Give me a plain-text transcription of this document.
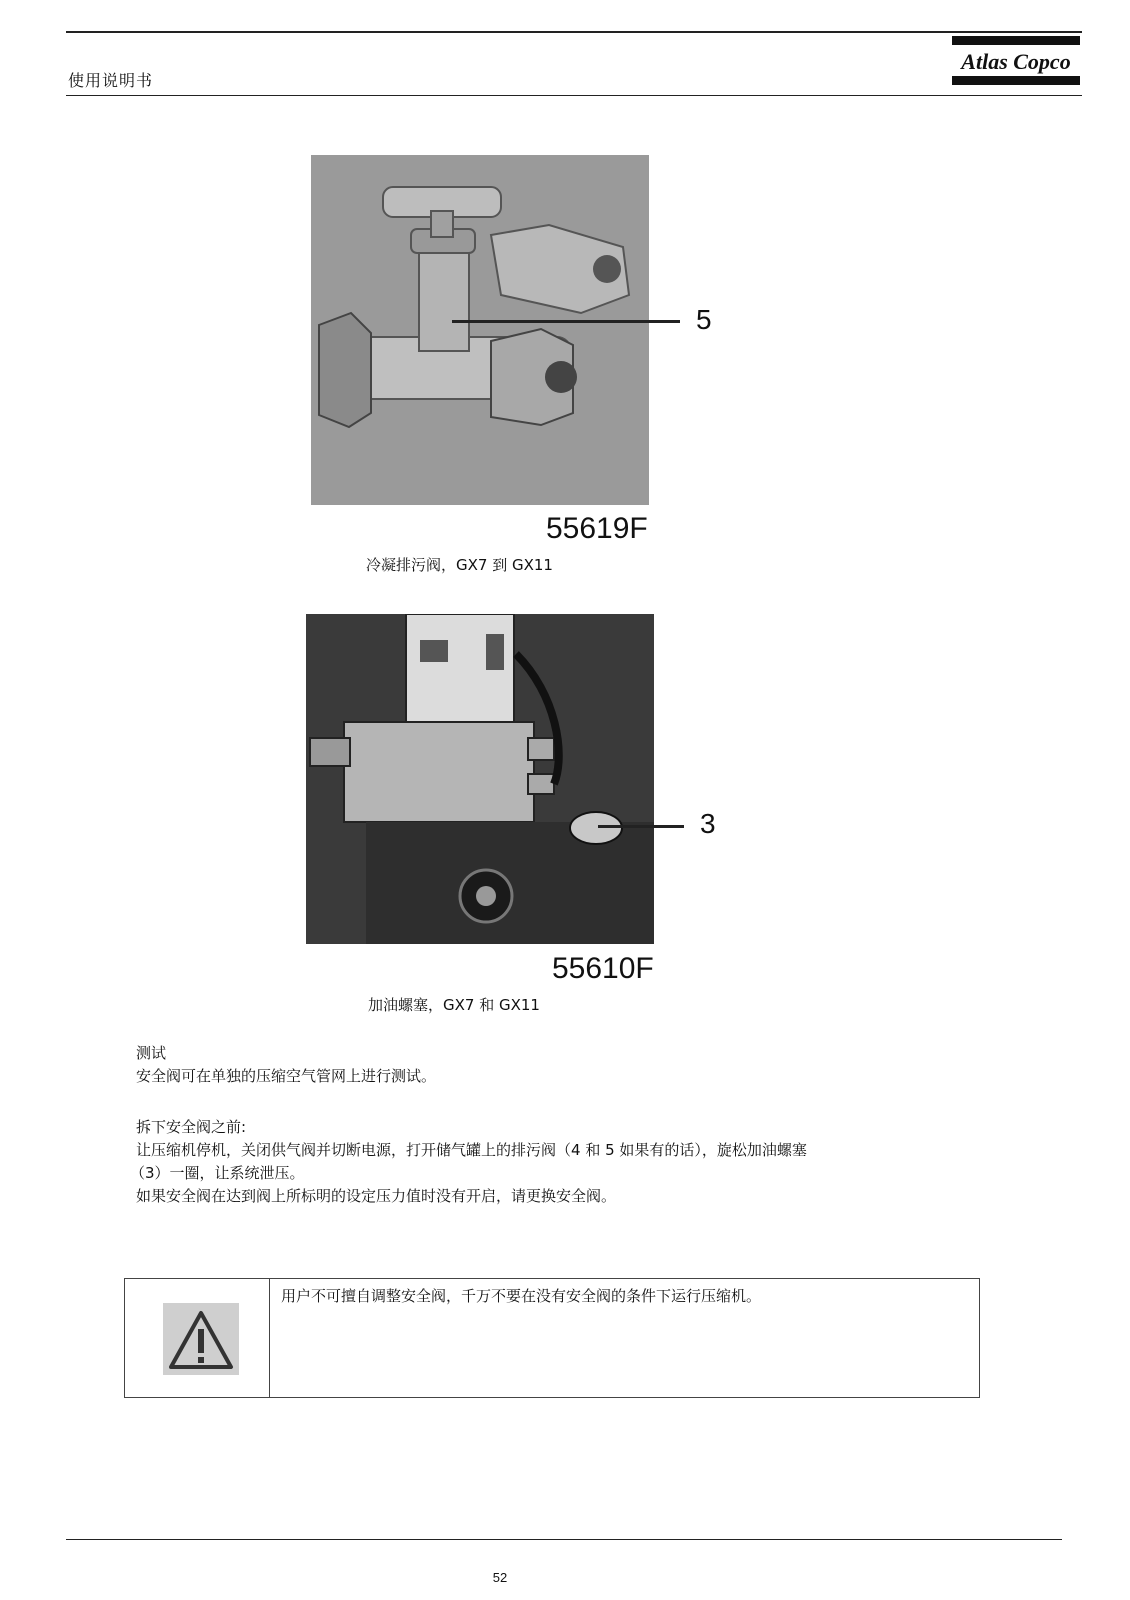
使用说明书
Atlas Copco
5
55619F
冷凝排污阀，GX7 到 GX11
3
55610F
加油螺塞，GX7 和 GX11
测试
安全阀可在单独的压缩空气管网上进行测试。
拆下安全阀之前:
让压缩机停机，关闭供气阀并切断电源，打开储气罐上的排污阀（4 和 5 如果有的话），旋松加油螺塞
（3）一圈，让系统泄压。
如果安全阀在达到阀上所标明的设定压力值时没有开启，请更换安全阀。
用户不可擅自调整安全阀，千万不要在没有安全阀的条件下运行压缩机。
52
